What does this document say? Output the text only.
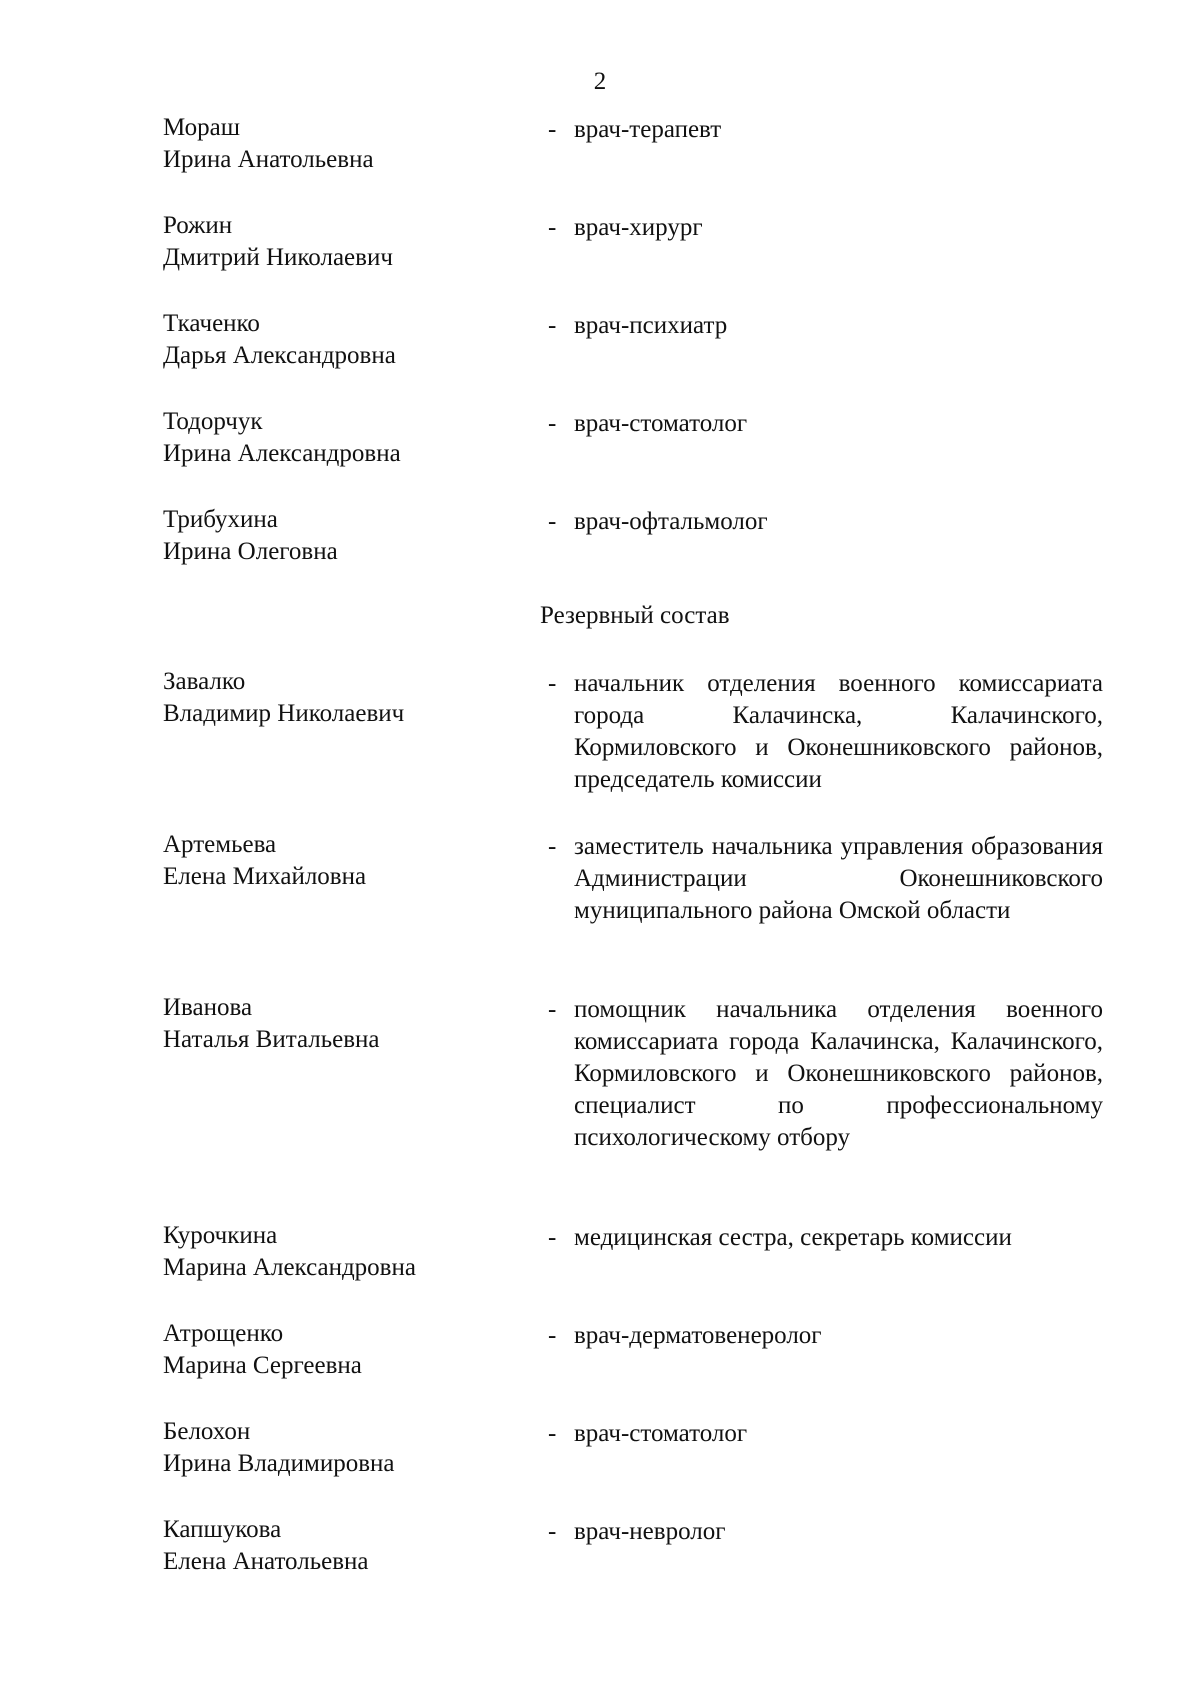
2
Мораш
Ирина Анатольевна
- врач-терапевт
Рожин
Дмитрий Николаевич
- врач-хирург
Ткаченко
Дарья Александровна
- врач-психиатр
Тодорчук
Ирина Александровна
- врач-стоматолог
Трибухина
Ирина Олеговна
- врач-офтальмолог
Резервный состав
Завалко
Владимир Николаевич
- начальник отделения военного комиссариата города Калачинска, Калачинского, Кормиловского и Оконешниковского районов, председатель комиссии
Артемьева
Елена Михайловна
- заместитель начальника управления образования Администрации Оконешниковского муниципального района Омской области
Иванова
Наталья Витальевна
- помощник начальника отделения военного комиссариата города Калачинска, Калачинского, Кормиловского и Оконешниковского районов, специалист по профессиональному психологическому отбору
Курочкина
Марина Александровна
- медицинская сестра, секретарь комиссии
Атрощенко
Марина Сергеевна
- врач-дерматовенеролог
Белохон
Ирина Владимировна
- врач-стоматолог
Капшукова
Елена Анатольевна
- врач-невролог
